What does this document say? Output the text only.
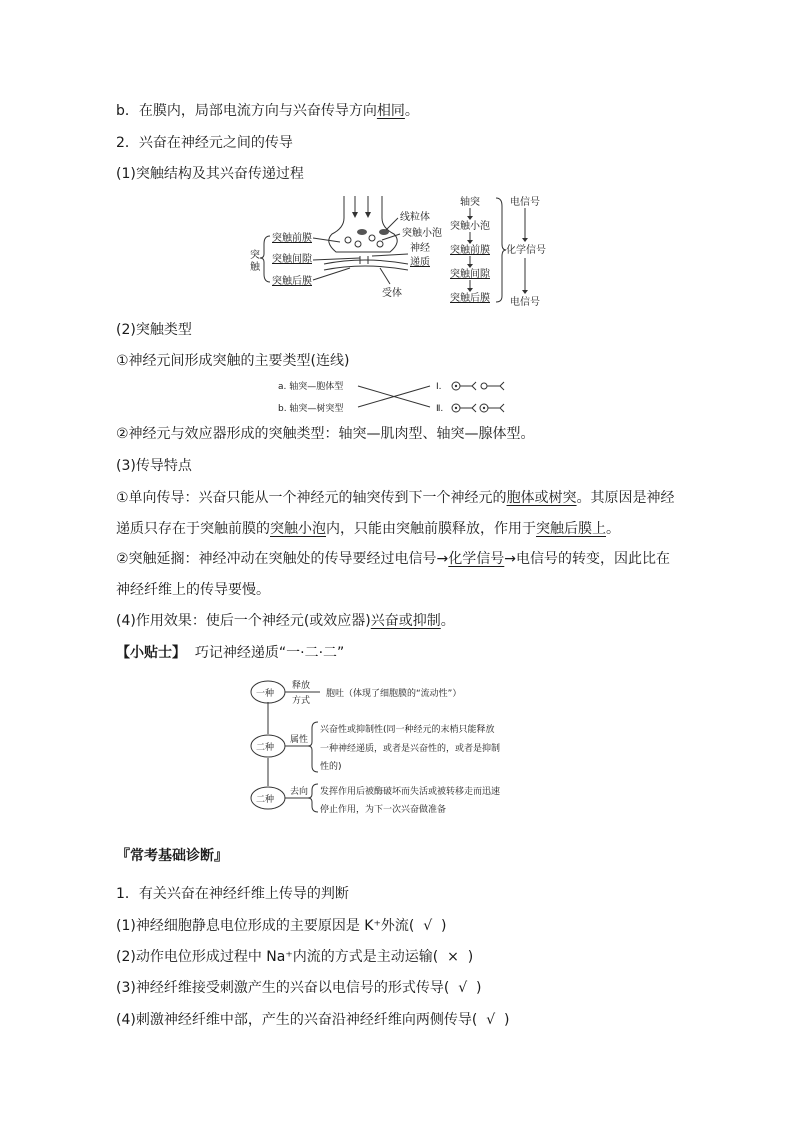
b．在膜内，局部电流方向与兴奋传导方向相同。
2．兴奋在神经元之间的传导
(1)突触结构及其兴奋传递过程
突
触
突触前膜
突触间隙
突触后膜
线粒体
突触小泡
神经
递质
受体
轴突
突触小泡
突触前膜
突触间隙
突触后膜
电信号
化学信号
电信号
(2)突触类型
①神经元间形成突触的主要类型(连线)
a. 轴突—胞体型
b. 轴突—树突型
Ⅰ.
Ⅱ.
②神经元与效应器形成的突触类型：轴突—肌肉型、轴突—腺体型。
(3)传导特点
①单向传导：兴奋只能从一个神经元的轴突传到下一个神经元的胞体或树突。其原因是神经
递质只存在于突触前膜的突触小泡内，只能由突触前膜释放，作用于突触后膜上。
②突触延搁：神经冲动在突触处的传导要经过电信号→化学信号→电信号的转变，因此比在
神经纤维上的传导要慢。
(4)作用效果：使后一个神经元(或效应器)兴奋或抑制。
【小贴士】 巧记神经递质“一·二·二”
一种
二种
二种
释放
方式
胞吐（体现了细胞膜的“流动性”）
属性
兴奋性或抑制性(同一种经元的末梢只能释放
一种神经递质，或者是兴奋性的，或者是抑制
性的)
去向 发挥作用后被酶破坏而失活或被转移走而迅速
停止作用，为下一次兴奋做准备
『常考基础诊断』
1．有关兴奋在神经纤维上传导的判断
(1)神经细胞静息电位形成的主要原因是 K⁺外流( √ )
(2)动作电位形成过程中 Na⁺内流的方式是主动运输( × )
(3)神经纤维接受刺激产生的兴奋以电信号的形式传导( √ )
(4)刺激神经纤维中部，产生的兴奋沿神经纤维向两侧传导( √ )
